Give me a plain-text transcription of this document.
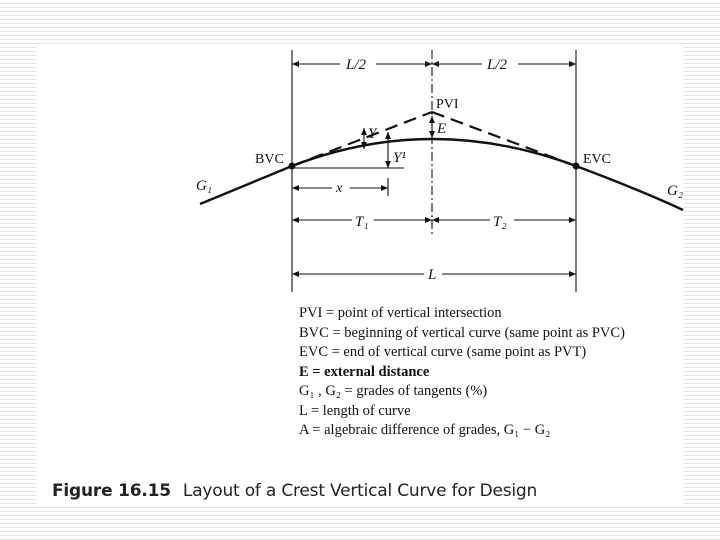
L/2	L/2
Y
Y¹
E
PVI
BVC	EVC
G₁	G₂
x
T₁	T₂
L
PVI = point of vertical intersection
BVC = beginning of vertical curve (same point as PVC)
EVC = end of vertical curve (same point as PVT)
E = external distance
G₁ , G₂ = grades of tangents (%)
L = length of curve
A = algebraic difference of grades, G₁ − G₂
Figure 16.15 Layout of a Crest Vertical Curve for Design
